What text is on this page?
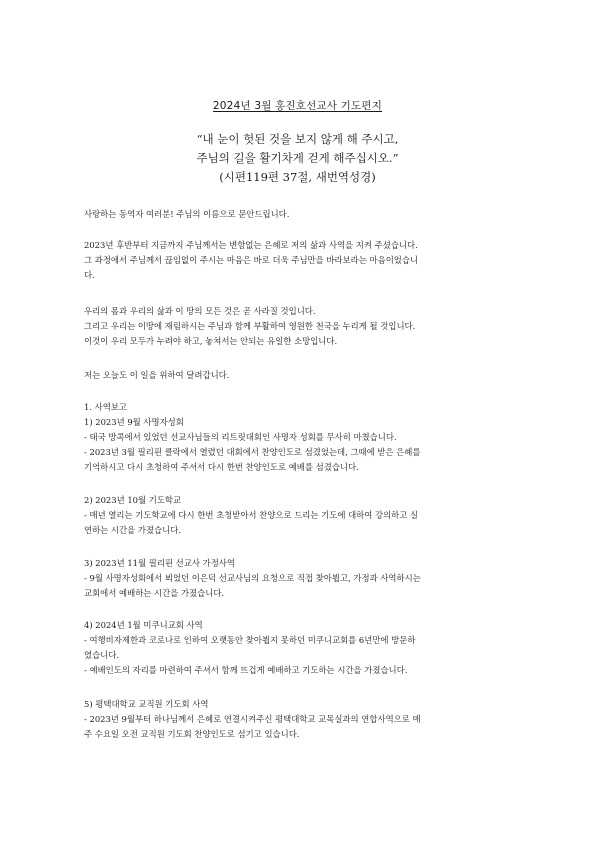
2024년 3월 홍진호선교사 기도편지
“내 눈이 헛된 것을 보지 않게 해 주시고,
주님의 길을 활기차게 걷게 해주십시오.”
(시편119편 37절, 새번역성경)
사랑하는 동역자 여러분! 주님의 이름으로 문안드립니다.
2023년 후반부터 지금까지 주님께서는 변함없는 은혜로 저의 삶과 사역을 지켜 주셨습니다.
그 과정에서 주님께서 끊임없이 주시는 마음은 바로 더욱 주님만을 바라보라는 마음이었습니
다.
우리의 몸과 우리의 삶과 이 땅의 모든 것은 곧 사라질 것입니다.
그리고 우리는 이땅에 재림하시는 주님과 함께 부활하여 영원한 천국을 누리게 될 것입니다.
이것이 우리 모두가 누려야 하고, 놓쳐서는 안되는 유일한 소망입니다.
저는 오늘도 이 일을 위하여 달려갑니다.
1. 사역보고
1) 2023년 9월 사명자성회
- 태국 방콕에서 있었던 선교사님들의 리트릿대회인 사명자 성회를 무사히 마쳤습니다.
- 2023년 3월 필리핀 클락에서 열렸던 대회에서 찬양인도로 섬겼었는데, 그때에 받은 은혜를
기억하시고 다시 초청하여 주셔서 다시 한번 찬양인도로 예배를 섬겼습니다.
2) 2023년 10월 기도학교
- 매년 열리는 기도학교에 다시 한번 초청받아서 찬양으로 드리는 기도에 대하여 강의하고 실
연하는 시간을 가졌습니다.
3) 2023년 11월 필리핀 선교사 가정사역
- 9월 사명자성회에서 뵈었던 이은덕 선교사님의 요청으로 직접 찾아뵙고, 가정과 사역하시는
교회에서 예배하는 시간을 가졌습니다.
4) 2024년 1월 미쿠니교회 사역
- 여행비자제한과 코로나로 인하여 오랫동안 찾아뵙지 못하던 미쿠니교회를 6년만에 방문하
였습니다.
- 예배인도의 자리를 마련하여 주셔서 함께 뜨겁게 예배하고 기도하는 시간을 가졌습니다.
5) 평택대학교 교직원 기도회 사역
- 2023년 9월부터 하나님께서 은혜로 연결시켜주신 평택대학교 교목실과의 연합사역으로 매
주 수요일 오전 교직원 기도회 찬양인도로 섬기고 있습니다.
